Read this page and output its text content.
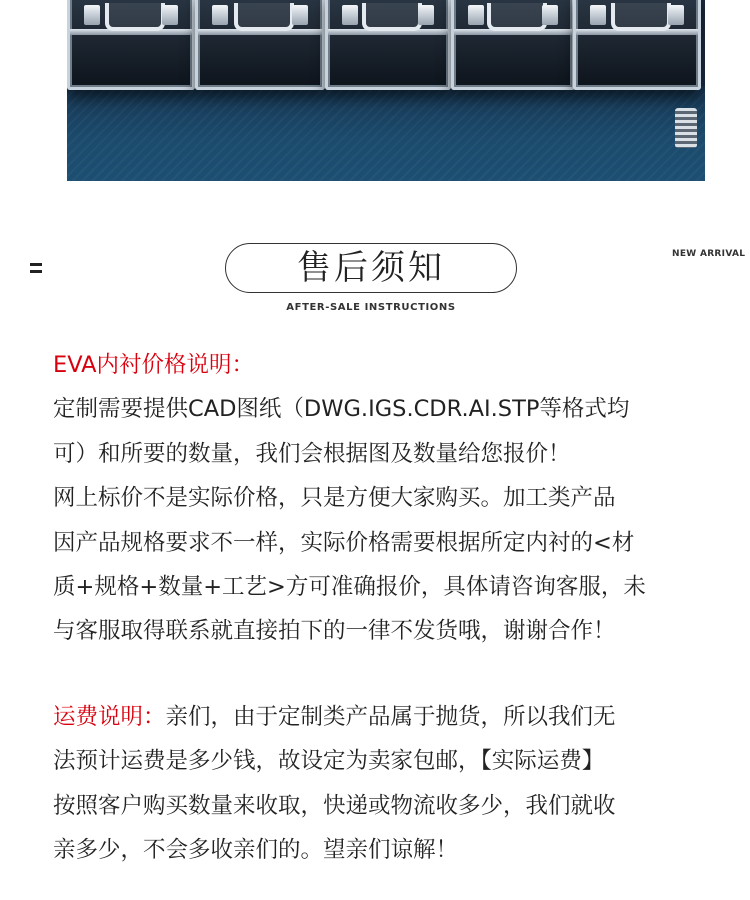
NEW ARRIVAL
售后须知
AFTER-SALE INSTRUCTIONS
EVA内衬价格说明：
定制需要提供CAD图纸（DWG.IGS.CDR.AI.STP等格式均
可）和所要的数量，我们会根据图及数量给您报价！
网上标价不是实际价格，只是方便大家购买。加工类产品
因产品规格要求不一样，实际价格需要根据所定内衬的<材
质+规格+数量+工艺>方可准确报价，具体请咨询客服，未
与客服取得联系就直接拍下的一律不发货哦，谢谢合作！
运费说明：亲们，由于定制类产品属于抛货，所以我们无
法预计运费是多少钱，故设定为卖家包邮，【实际运费】
按照客户购买数量来收取，快递或物流收多少，我们就收
亲多少，不会多收亲们的。望亲们谅解！
